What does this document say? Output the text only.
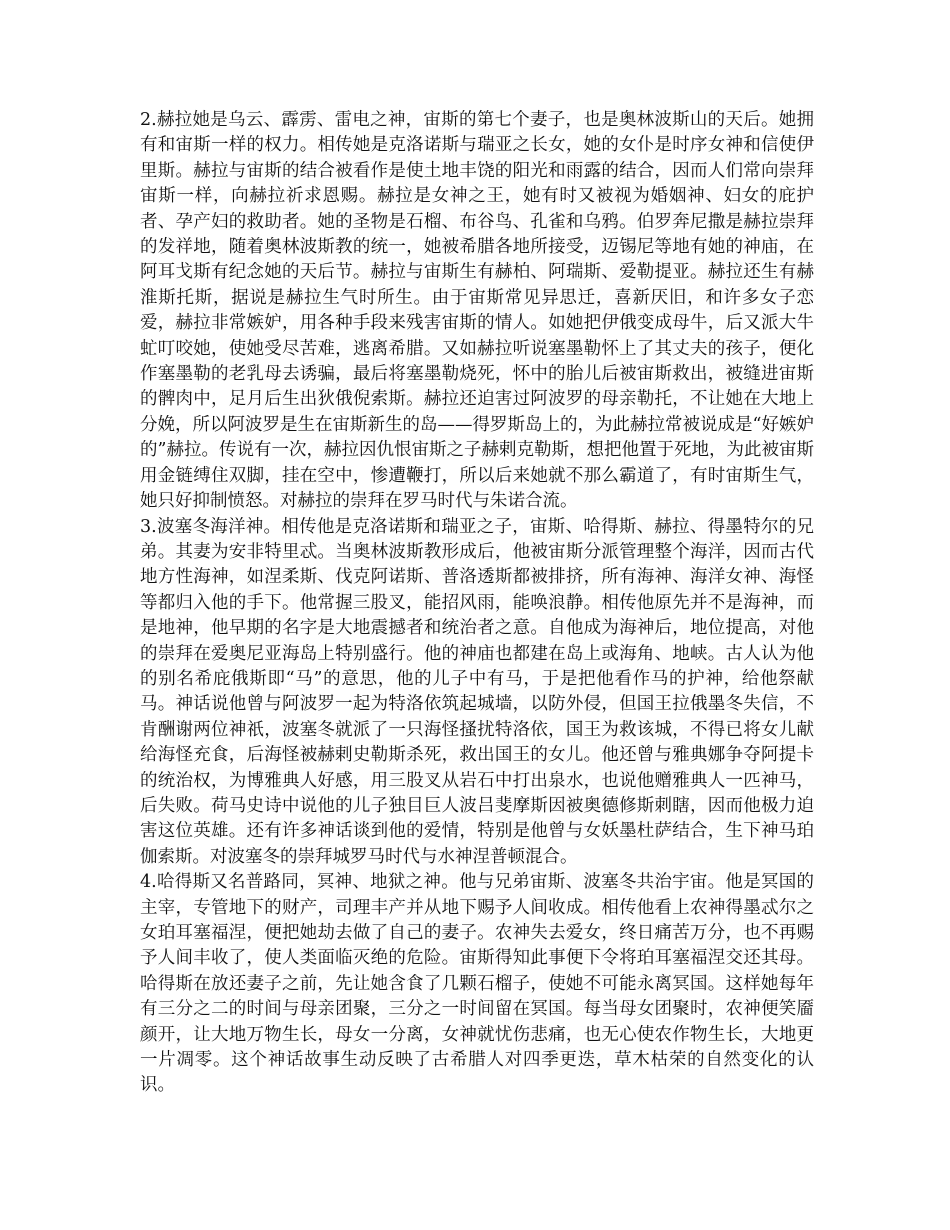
2.赫拉她是乌云、霹雳、雷电之神，宙斯的第七个妻子，也是奥林波斯山的天后。她拥有和宙斯一样的权力。相传她是克洛诺斯与瑞亚之长女，她的女仆是时序女神和信使伊里斯。赫拉与宙斯的结合被看作是使土地丰饶的阳光和雨露的结合，因而人们常向崇拜宙斯一样，向赫拉祈求恩赐。赫拉是女神之王，她有时又被视为婚姻神、妇女的庇护者、孕产妇的救助者。她的圣物是石榴、布谷鸟、孔雀和乌鸦。伯罗奔尼撒是赫拉崇拜的发祥地，随着奥林波斯教的统一，她被希腊各地所接受，迈锡尼等地有她的神庙，在阿耳戈斯有纪念她的天后节。赫拉与宙斯生有赫柏、阿瑞斯、爱勒提亚。赫拉还生有赫淮斯托斯，据说是赫拉生气时所生。由于宙斯常见异思迁，喜新厌旧，和许多女子恋爱，赫拉非常嫉妒，用各种手段来残害宙斯的情人。如她把伊俄变成母牛，后又派大牛虻叮咬她，使她受尽苦难，逃离希腊。又如赫拉听说塞墨勒怀上了其丈夫的孩子，便化作塞墨勒的老乳母去诱骗，最后将塞墨勒烧死，怀中的胎儿后被宙斯救出，被缝进宙斯的髀肉中，足月后生出狄俄倪索斯。赫拉还迫害过阿波罗的母亲勒托，不让她在大地上分娩，所以阿波罗是生在宙斯新生的岛——得罗斯岛上的，为此赫拉常被说成是“好嫉妒的”赫拉。传说有一次，赫拉因仇恨宙斯之子赫剌克勒斯，想把他置于死地，为此被宙斯用金链缚住双脚，挂在空中，惨遭鞭打，所以后来她就不那么霸道了，有时宙斯生气，她只好抑制愤怒。对赫拉的崇拜在罗马时代与朱诺合流。

3.波塞冬海洋神。相传他是克洛诺斯和瑞亚之子，宙斯、哈得斯、赫拉、得墨特尔的兄弟。其妻为安非特里忒。当奥林波斯教形成后，他被宙斯分派管理整个海洋，因而古代地方性海神，如涅柔斯、伐克阿诺斯、普洛透斯都被排挤，所有海神、海洋女神、海怪等都归入他的手下。他常握三股叉，能招风雨，能唤浪静。相传他原先并不是海神，而是地神，他早期的名字是大地震撼者和统治者之意。自他成为海神后，地位提高，对他的崇拜在爱奥尼亚海岛上特别盛行。他的神庙也都建在岛上或海角、地峡。古人认为他的别名希庇俄斯即“马”的意思，他的儿子中有马，于是把他看作马的护神，给他祭献马。神话说他曾与阿波罗一起为特洛依筑起城墙，以防外侵，但国王拉俄墨冬失信，不肯酬谢两位神祇，波塞冬就派了一只海怪搔扰特洛依，国王为救该城，不得已将女儿献给海怪充食，后海怪被赫剌史勒斯杀死，救出国王的女儿。他还曾与雅典娜争夺阿提卡的统治权，为博雅典人好感，用三股叉从岩石中打出泉水，也说他赠雅典人一匹神马，后失败。荷马史诗中说他的儿子独目巨人波吕斐摩斯因被奥德修斯刺瞎，因而他极力迫害这位英雄。还有许多神话谈到他的爱情，特别是他曾与女妖墨杜萨结合，生下神马珀伽索斯。对波塞冬的崇拜城罗马时代与水神涅普顿混合。

4.哈得斯又名普路同，冥神、地狱之神。他与兄弟宙斯、波塞冬共治宇宙。他是冥国的主宰，专管地下的财产，司理丰产并从地下赐予人间收成。相传他看上农神得墨忒尔之女珀耳塞福涅，便把她劫去做了自己的妻子。农神失去爱女，终日痛苦万分，也不再赐予人间丰收了，使人类面临灭绝的危险。宙斯得知此事便下令将珀耳塞福涅交还其母。哈得斯在放还妻子之前，先让她含食了几颗石榴子，使她不可能永离冥国。这样她每年有三分之二的时间与母亲团聚，三分之一时间留在冥国。每当母女团聚时，农神便笑靥颜开，让大地万物生长，母女一分离，女神就忧伤悲痛，也无心使农作物生长，大地更一片凋零。这个神话故事生动反映了古希腊人对四季更迭，草木枯荣的自然变化的认识。
